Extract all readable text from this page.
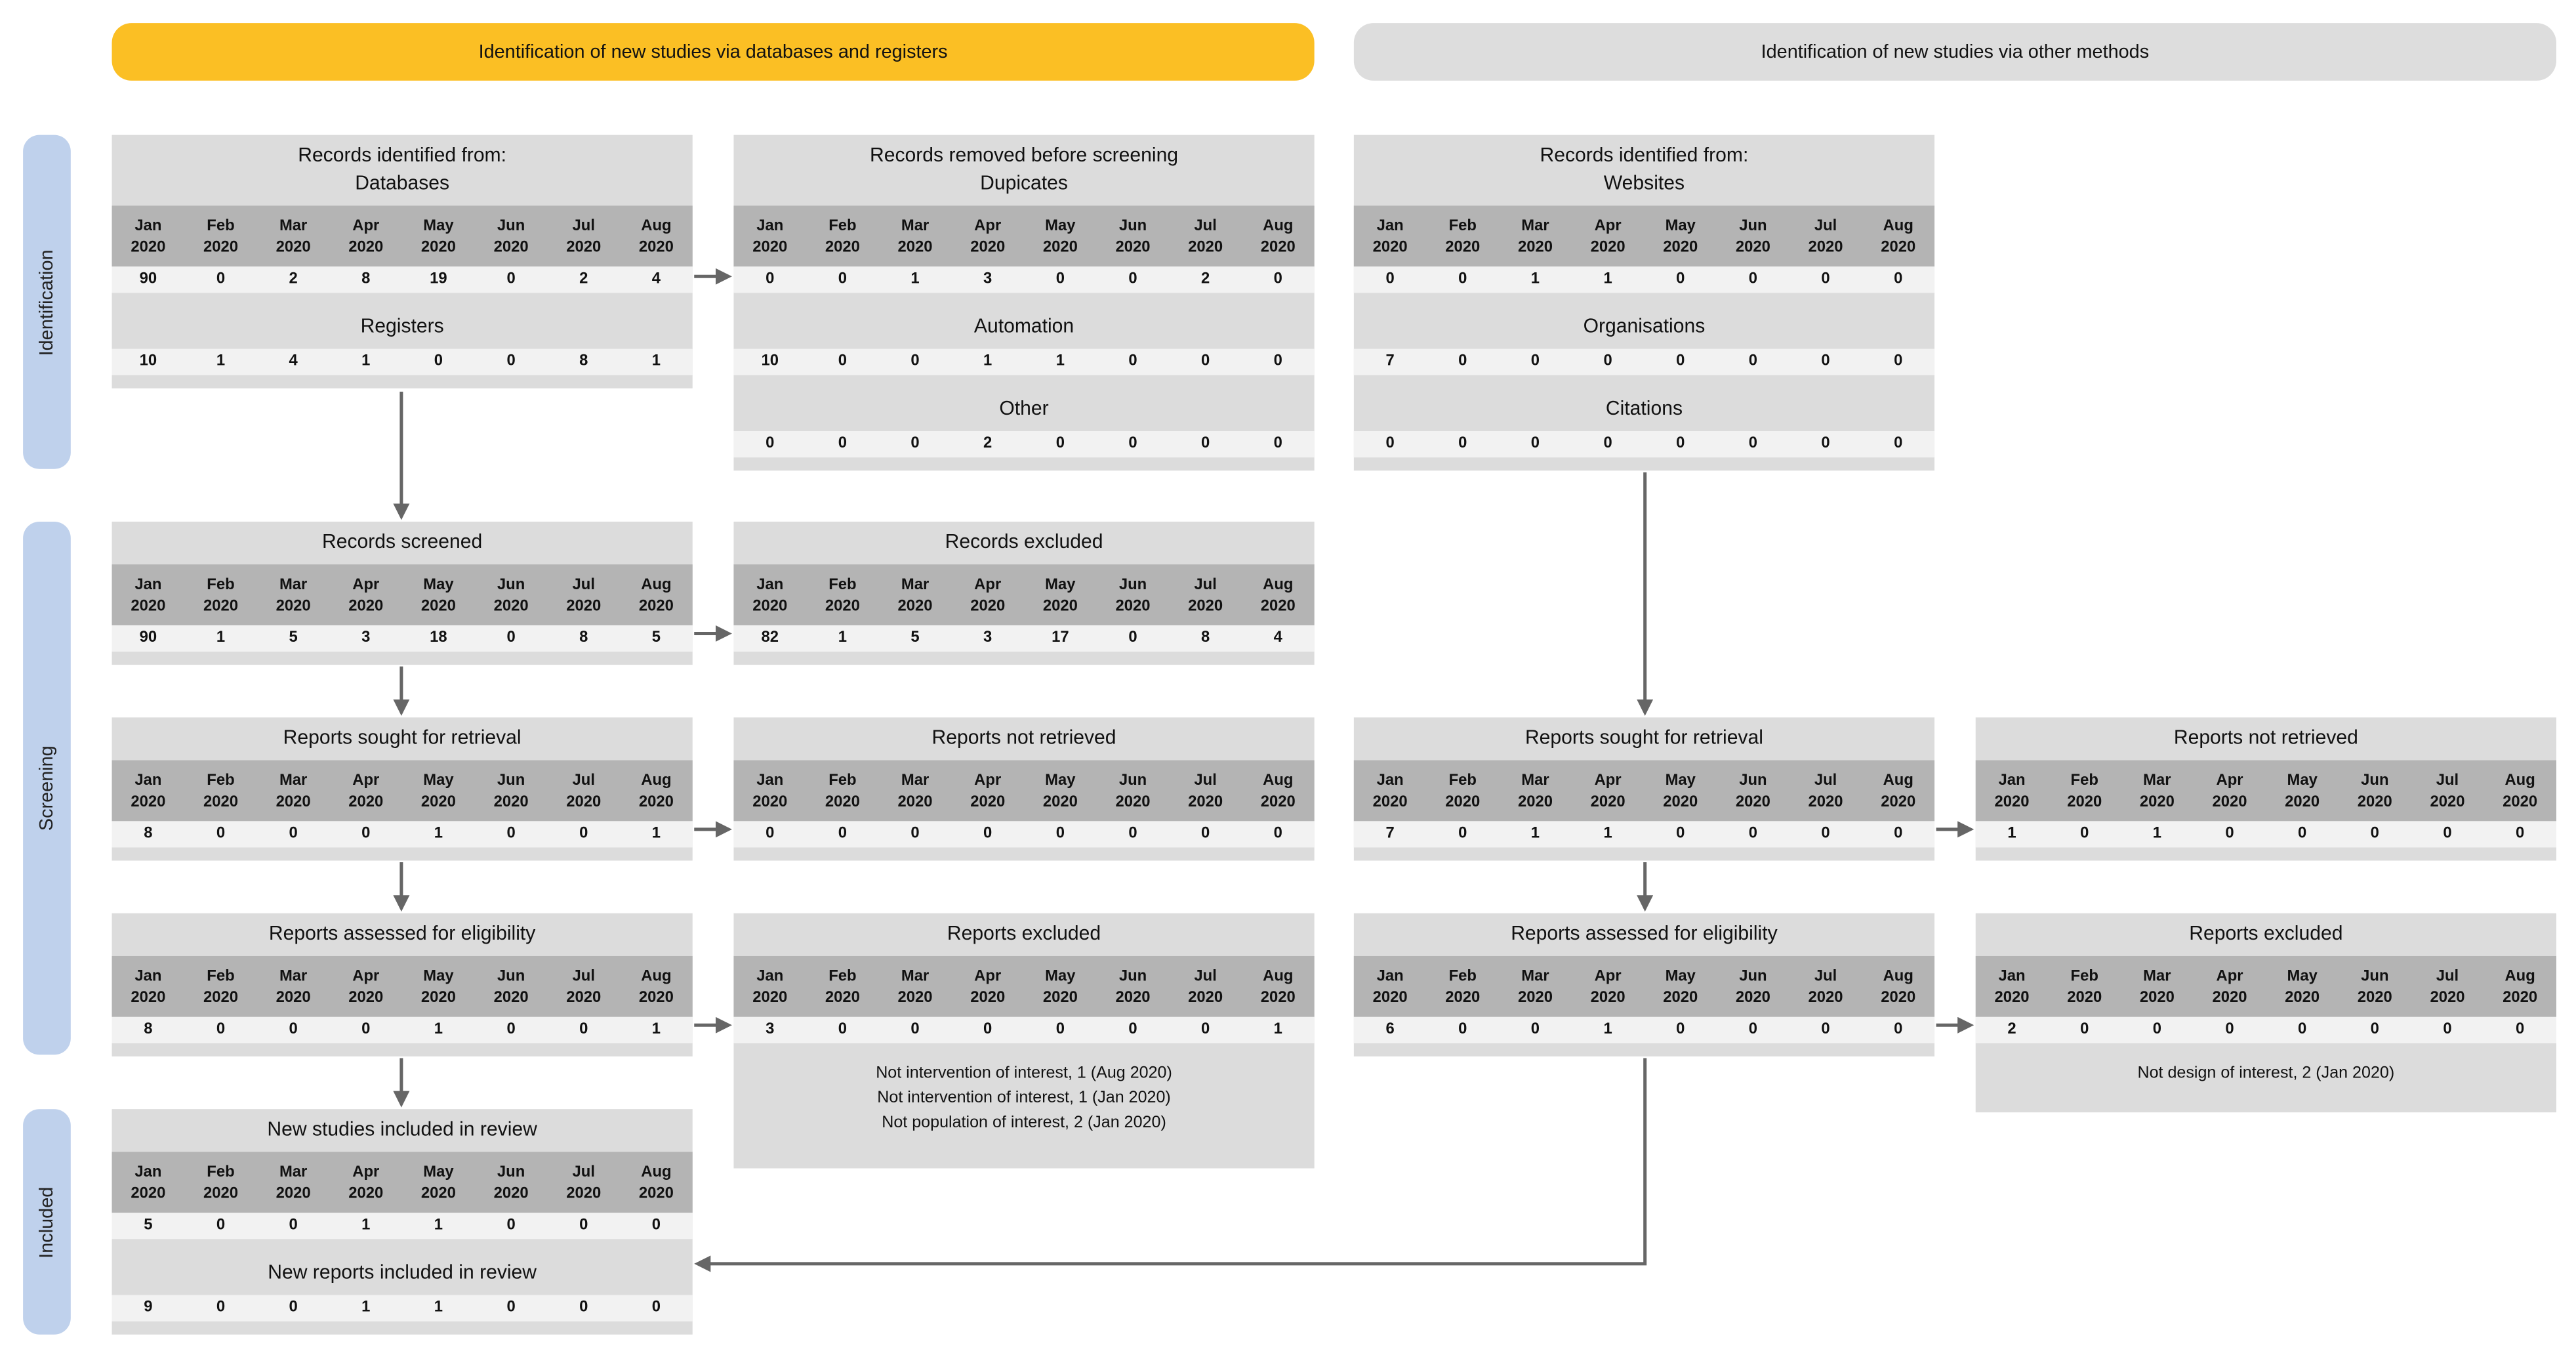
Identification of new studies via databases and registers	Identification of new studies via other methods
Identification
Screening
Included
Records identified from:
Databases
Jan
2020
Feb
2020
Mar
2020
Apr
2020
May
2020
Jun
2020
Jul
2020
Aug
2020
90	0	2	8	19	0	2	4
Registers
10	1	4	1	0	0	8	1
Records removed before screening
Dupicates
Jan
2020
Feb
2020
Mar
2020
Apr
2020
May
2020
Jun
2020
Jul
2020
Aug
2020
0	0	1	3	0	0	2	0
Automation
10	0	0	1	1	0	0	0
Other
0	0	0	2	0	0	0	0
Records identified from:
Websites
Jan
2020
Feb
2020
Mar
2020
Apr
2020
May
2020
Jun
2020
Jul
2020
Aug
2020
0	0	1	1	0	0	0	0
Organisations
7	0	0	0	0	0	0	0
Citations
0	0	0	0	0	0	0	0
Records screened
Jan
2020
Feb
2020
Mar
2020
Apr
2020
May
2020
Jun
2020
Jul
2020
Aug
2020
90	1	5	3	18	0	8	5
Records excluded
Jan
2020
Feb
2020
Mar
2020
Apr
2020
May
2020
Jun
2020
Jul
2020
Aug
2020
82	1	5	3	17	0	8	4
Reports sought for retrieval
Jan
2020
Feb
2020
Mar
2020
Apr
2020
May
2020
Jun
2020
Jul
2020
Aug
2020
8	0	0	0	1	0	0	1
Reports not retrieved
Jan
2020
Feb
2020
Mar
2020
Apr
2020
May
2020
Jun
2020
Jul
2020
Aug
2020
0	0	0	0	0	0	0	0
Reports sought for retrieval
Jan
2020
Feb
2020
Mar
2020
Apr
2020
May
2020
Jun
2020
Jul
2020
Aug
2020
7	0	1	1	0	0	0	0
Reports not retrieved
Jan
2020
Feb
2020
Mar
2020
Apr
2020
May
2020
Jun
2020
Jul
2020
Aug
2020
1	0	1	0	0	0	0	0
Reports assessed for eligibility
Jan
2020
Feb
2020
Mar
2020
Apr
2020
May
2020
Jun
2020
Jul
2020
Aug
2020
8	0	0	0	1	0	0	1
Reports excluded
Jan
2020
Feb
2020
Mar
2020
Apr
2020
May
2020
Jun
2020
Jul
2020
Aug
2020
3	0	0	0	0	0	0	1
Not intervention of interest, 1 (Aug 2020)
Not intervention of interest, 1 (Jan 2020)
Not population of interest, 2 (Jan 2020)
Reports assessed for eligibility
Jan
2020
Feb
2020
Mar
2020
Apr
2020
May
2020
Jun
2020
Jul
2020
Aug
2020
6	0	0	1	0	0	0	0
Reports excluded
Jan
2020
Feb
2020
Mar
2020
Apr
2020
May
2020
Jun
2020
Jul
2020
Aug
2020
2	0	0	0	0	0	0	0
Not design of interest, 2 (Jan 2020)
New studies included in review
Jan
2020
Feb
2020
Mar
2020
Apr
2020
May
2020
Jun
2020
Jul
2020
Aug
2020
5	0	0	1	1	0	0	0
New reports included in review
9	0	0	1	1	0	0	0
